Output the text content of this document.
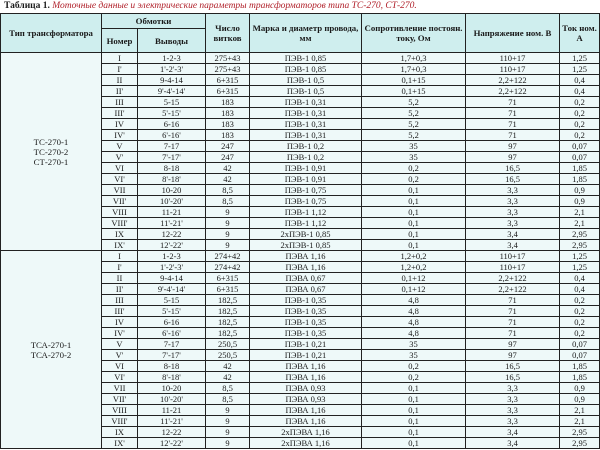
Таблица 1. Моточные данные и электрические параметры трансформаторов типа ТС-270, СТ-270.
Тип трансформатора	Обмотки		Число витков	Марка и диаметр провода, мм	Сопротивление постоян. току, Ом	Напряжение ном. В	Ток ном. А
	Номер	Выводы					

ТС-270-1
ТС-270-2
СТ-270-1	I	1-2-3	275+43	ПЭВ-1 0,85	1,7+0,3	110+17	1,25
	I'	1'-2'-3'	275+43	ПЭВ-1 0,85	1,7+0,3	110+17	1,25
	II	9-4-14	6+315	ПЭВ-1 0,5	0,1+15	2,2+122	0,4
	II'	9'-4'-14'	6+315	ПЭВ-1 0,5	0,1+15	2,2+122	0,4
	III	5-15	183	ПЭВ-1 0,31	5,2	71	0,2
	III'	5'-15'	183	ПЭВ-1 0,31	5,2	71	0,2
	IV	6-16	183	ПЭВ-1 0,31	5,2	71	0,2
	IV'	6'-16'	183	ПЭВ-1 0,31	5,2	71	0,2
	V	7-17	247	ПЭВ-1 0,2	35	97	0,07
	V'	7'-17'	247	ПЭВ-1 0,2	35	97	0,07
	VI	8-18	42	ПЭВ-1 0,91	0,2	16,5	1,85
	VI'	8'-18'	42	ПЭВ-1 0,91	0,2	16,5	1,85
	VII	10-20	8,5	ПЭВ-1 0,75	0,1	3,3	0,9
	VII'	10'-20'	8,5	ПЭВ-1 0,75	0,1	3,3	0,9
	VIII	11-21	9	ПЭВ-1 1,12	0,1	3,3	2,1
	VIII'	11'-21'	9	ПЭВ-1 1,12	0,1	3,3	2,1
	IX	12-22	9	2хПЭВ-1 0,85	0,1	3,4	2,95
	IX'	12'-22'	9	2хПЭВ-1 0,85	0,1	3,4	2,95

ТСА-270-1
ТСА-270-2	I	1-2-3	274+42	ПЭВА 1,16	1,2+0,2	110+17	1,25
	I'	1'-2'-3'	274+42	ПЭВА 1,16	1,2+0,2	110+17	1,25
	II	9-4-14	6+315	ПЭВА 0,67	0,1+12	2,2+122	0,4
	II'	9'-4'-14'	6+315	ПЭВА 0,67	0,1+12	2,2+122	0,4
	III	5-15	182,5	ПЭВ-1 0,35	4,8	71	0,2
	III'	5'-15'	182,5	ПЭВ-1 0,35	4,8	71	0,2
	IV	6-16	182,5	ПЭВ-1 0,35	4,8	71	0,2
	IV'	6'-16'	182,5	ПЭВ-1 0,35	4,8	71	0,2
	V	7-17	250,5	ПЭВ-1 0,21	35	97	0,07
	V'	7'-17'	250,5	ПЭВ-1 0,21	35	97	0,07
	VI	8-18	42	ПЭВА 1,16	0,2	16,5	1,85
	VI'	8'-18'	42	ПЭВА 1,16	0,2	16,5	1,85
	VII	10-20	8,5	ПЭВА 0,93	0,1	3,3	0,9
	VII'	10'-20'	8,5	ПЭВА 0,93	0,1	3,3	0,9
	VIII	11-21	9	ПЭВА 1,16	0,1	3,3	2,1
	VIII'	11'-21'	9	ПЭВА 1,16	0,1	3,3	2,1
	IX	12-22	9	2хПЭВА 1,16	0,1	3,4	2,95
	IX'	12'-22'	9	2хПЭВА 1,16	0,1	3,4	2,95
